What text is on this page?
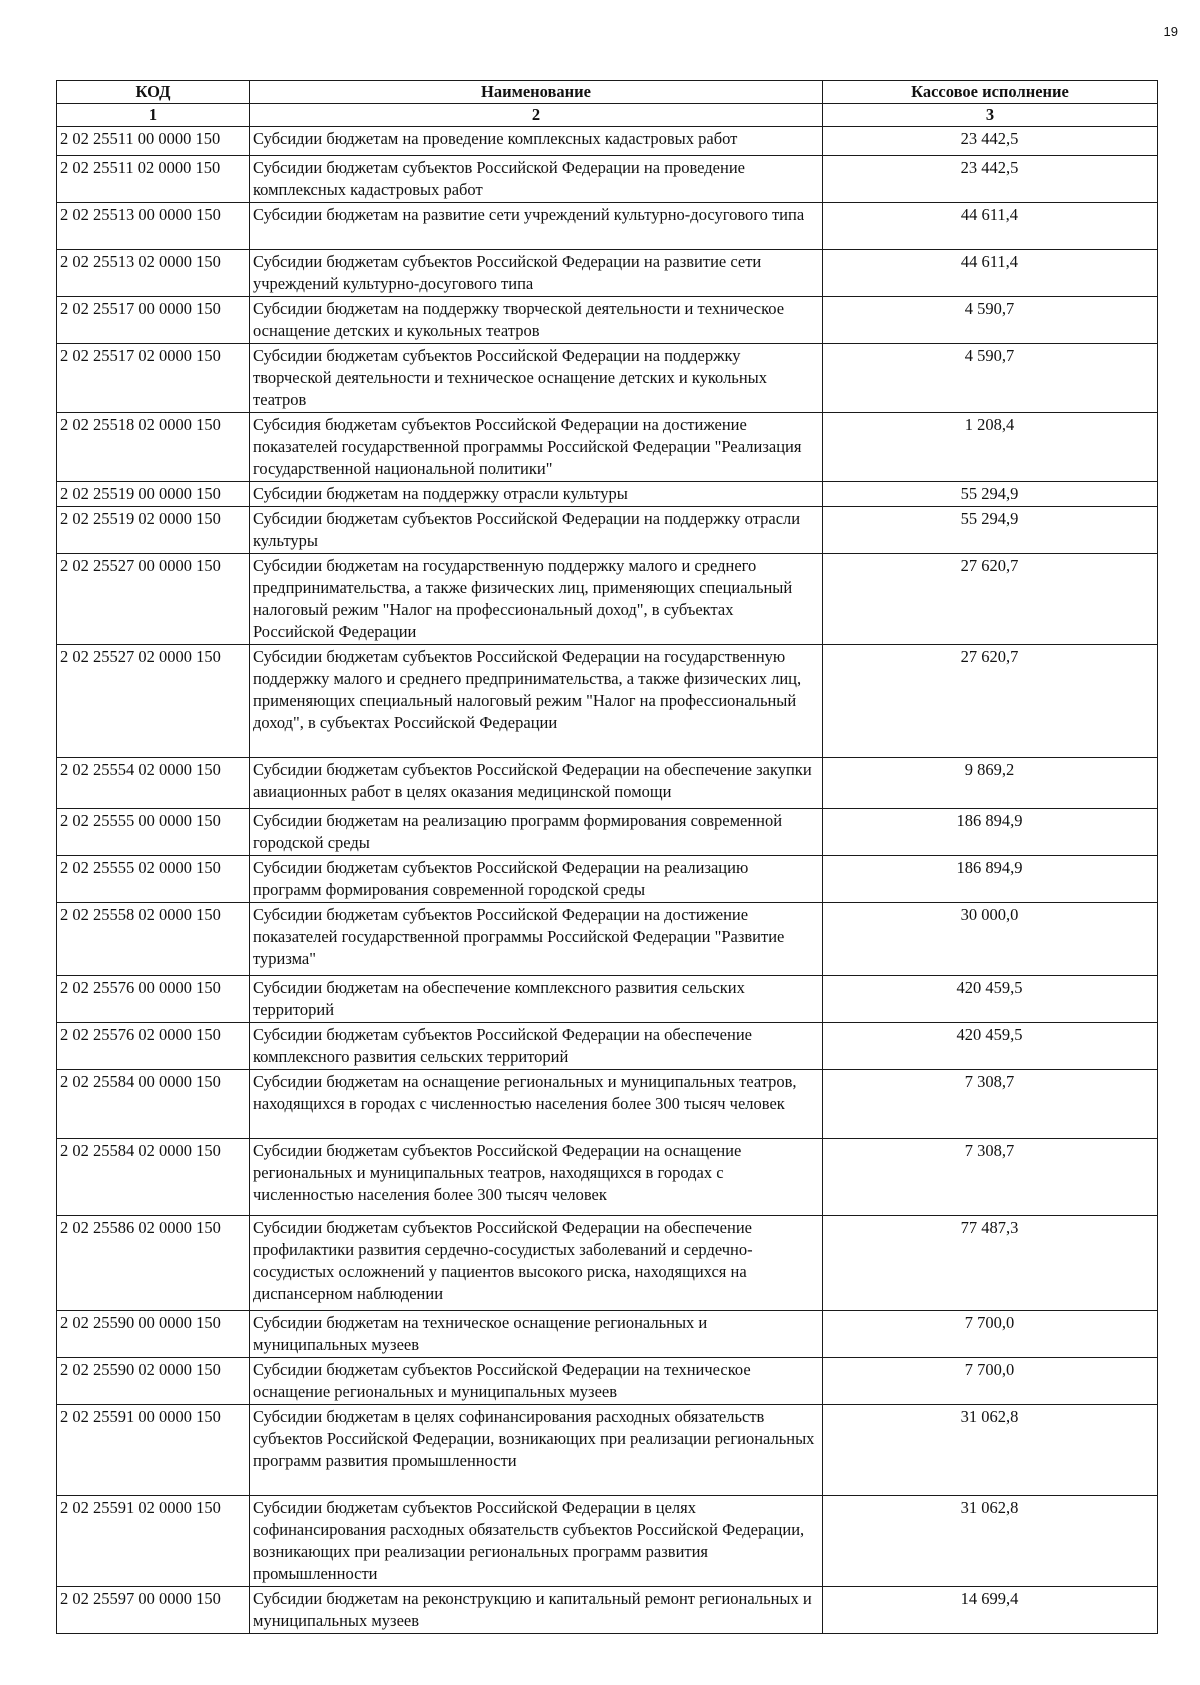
19
КОД	Наименование	Кассовое исполнение
1	2	3
2 02 25511 00 0000 150	Субсидии бюджетам на проведение комплексных кадастровых работ	23 442,5
2 02 25511 02 0000 150	Субсидии бюджетам субъектов Российской Федерации на проведение комплексных кадастровых работ	23 442,5
2 02 25513 00 0000 150	Субсидии бюджетам на развитие сети учреждений культурно-досугового типа	44 611,4
2 02 25513 02 0000 150	Субсидии бюджетам субъектов Российской Федерации на развитие сети учреждений культурно-досугового типа	44 611,4
2 02 25517 00 0000 150	Субсидии бюджетам на поддержку творческой деятельности и техническое оснащение детских и кукольных театров	4 590,7
2 02 25517 02 0000 150	Субсидии бюджетам субъектов Российской Федерации на поддержку творческой деятельности и техническое оснащение детских и кукольных театров	4 590,7
2 02 25518 02 0000 150	Субсидия бюджетам субъектов Российской Федерации на достижение показателей государственной программы Российской Федерации "Реализация государственной национальной политики"	1 208,4
2 02 25519 00 0000 150	Субсидии бюджетам на поддержку отрасли культуры	55 294,9
2 02 25519 02 0000 150	Субсидии бюджетам субъектов Российской Федерации на поддержку отрасли культуры	55 294,9
2 02 25527 00 0000 150	Субсидии бюджетам на государственную поддержку малого и среднего предпринимательства, а также физических лиц, применяющих специальный налоговый режим "Налог на профессиональный доход", в субъектах Российской Федерации	27 620,7
2 02 25527 02 0000 150	Субсидии бюджетам субъектов Российской Федерации на государственную поддержку малого и среднего предпринимательства, а также физических лиц, применяющих специальный налоговый режим "Налог на профессиональный доход", в субъектах Российской Федерации	27 620,7
2 02 25554 02 0000 150	Субсидии бюджетам субъектов Российской Федерации на обеспечение закупки авиационных работ в целях оказания медицинской помощи	9 869,2
2 02 25555 00 0000 150	Субсидии бюджетам на реализацию программ формирования современной городской среды	186 894,9
2 02 25555 02 0000 150	Субсидии бюджетам субъектов Российской Федерации на реализацию программ формирования современной городской среды	186 894,9
2 02 25558 02 0000 150	Субсидии бюджетам субъектов Российской Федерации на достижение показателей государственной программы Российской Федерации "Развитие туризма"	30 000,0
2 02 25576 00 0000 150	Субсидии бюджетам на обеспечение комплексного развития сельских территорий	420 459,5
2 02 25576 02 0000 150	Субсидии бюджетам субъектов Российской Федерации на обеспечение комплексного развития сельских территорий	420 459,5
2 02 25584 00 0000 150	Субсидии бюджетам на оснащение региональных и муниципальных театров, находящихся в городах с численностью населения более 300 тысяч человек	7 308,7
2 02 25584 02 0000 150	Субсидии бюджетам субъектов Российской Федерации на оснащение региональных и муниципальных театров, находящихся в городах с численностью населения более 300 тысяч человек	7 308,7
2 02 25586 02 0000 150	Субсидии бюджетам субъектов Российской Федерации на обеспечение профилактики развития сердечно-сосудистых заболеваний и сердечно-сосудистых осложнений у пациентов высокого риска, находящихся на диспансерном наблюдении	77 487,3
2 02 25590 00 0000 150	Субсидии бюджетам на техническое оснащение региональных и муниципальных музеев	7 700,0
2 02 25590 02 0000 150	Субсидии бюджетам субъектов Российской Федерации на техническое оснащение региональных и муниципальных музеев	7 700,0
2 02 25591 00 0000 150	Субсидии бюджетам в целях софинансирования расходных обязательств субъектов Российской Федерации, возникающих при реализации региональных программ развития промышленности	31 062,8
2 02 25591 02 0000 150	Субсидии бюджетам субъектов Российской Федерации в целях софинансирования расходных обязательств субъектов Российской Федерации, возникающих при реализации региональных программ развития промышленности	31 062,8
2 02 25597 00 0000 150	Субсидии бюджетам на реконструкцию и капитальный ремонт региональных и муниципальных музеев	14 699,4
